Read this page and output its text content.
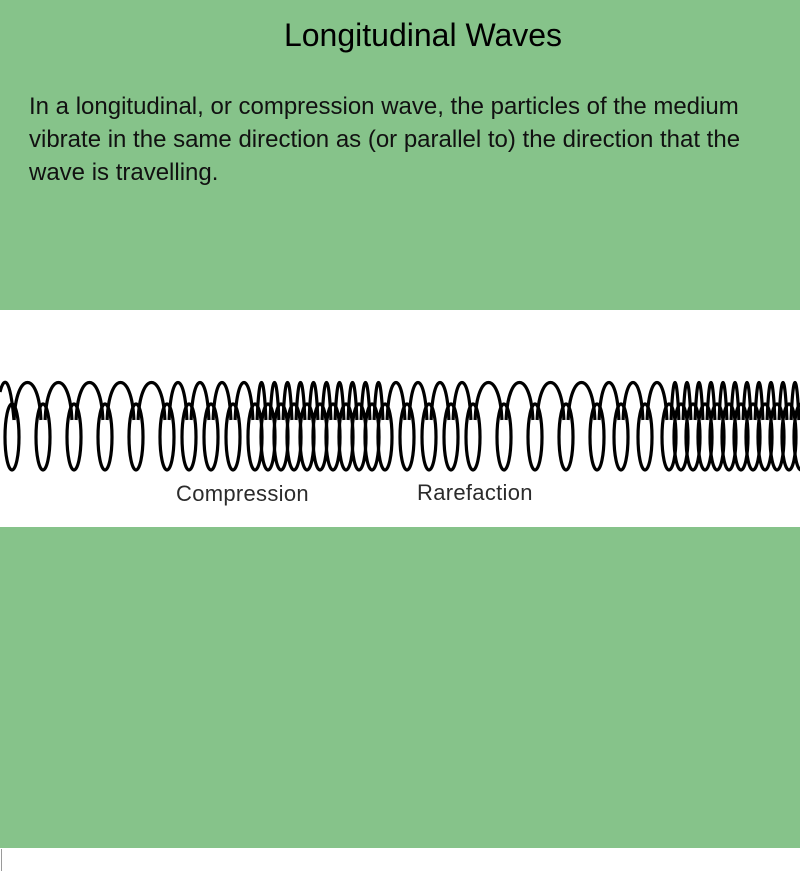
Longitudinal Waves

In a longitudinal, or compression wave, the particles of the medium vibrate in the same direction as (or parallel to) the direction that the wave is travelling.

Compression	Rarefaction
